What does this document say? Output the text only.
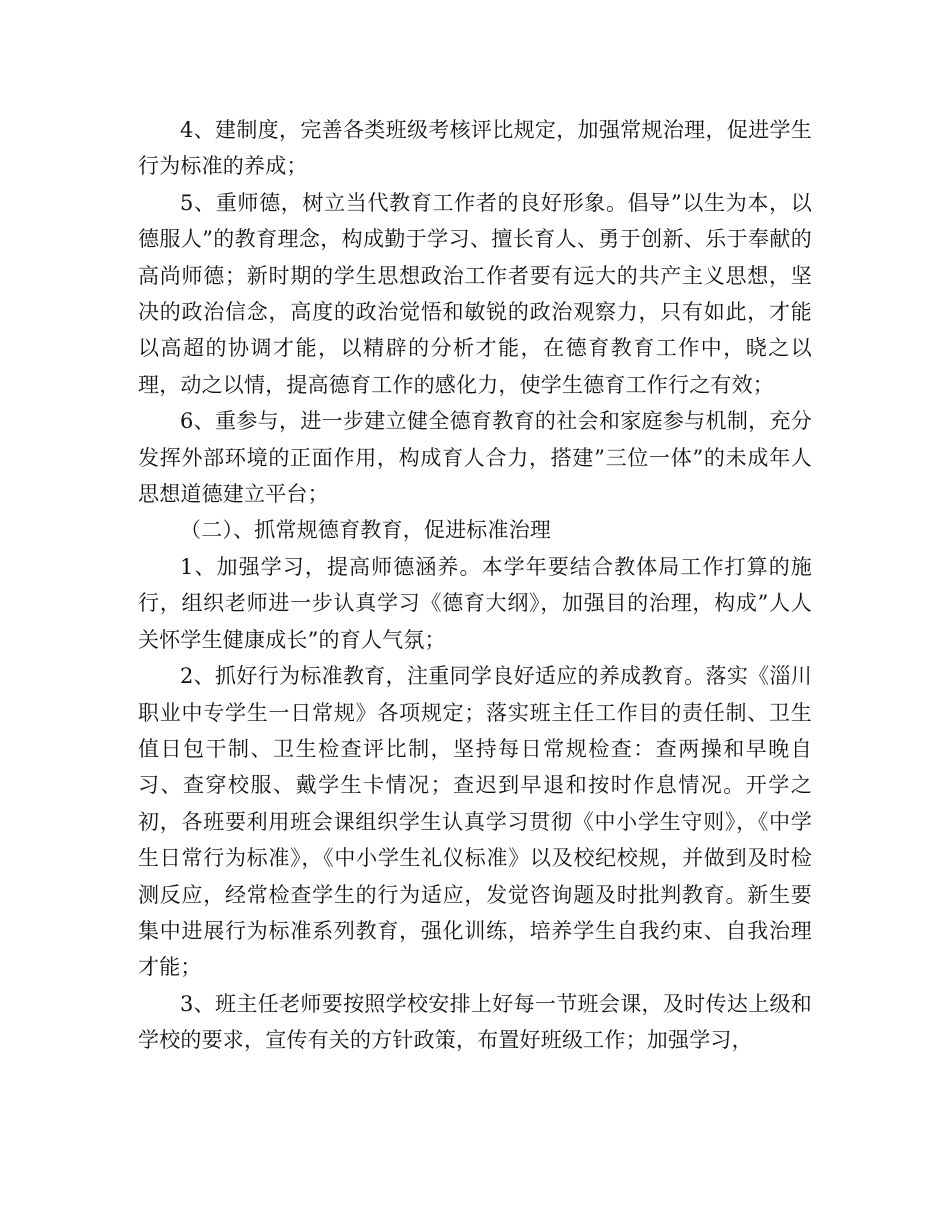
4、建制度，完善各类班级考核评比规定，加强常规治理，促进学生行为标准的养成；

5、重师德，树立当代教育工作者的良好形象。倡导”以生为本，以德服人”的教育理念，构成勤于学习、擅长育人、勇于创新、乐于奉献的高尚师德；新时期的学生思想政治工作者要有远大的共产主义思想，坚决的政治信念，高度的政治觉悟和敏锐的政治观察力，只有如此，才能以高超的协调才能，以精辟的分析才能，在德育教育工作中，晓之以理，动之以情，提高德育工作的感化力，使学生德育工作行之有效；

6、重参与，进一步建立健全德育教育的社会和家庭参与机制，充分发挥外部环境的正面作用，构成育人合力，搭建”三位一体”的未成年人思想道德建立平台；

（二）、抓常规德育教育，促进标准治理

1、加强学习，提高师德涵养。本学年要结合教体局工作打算的施行，组织老师进一步认真学习《德育大纲》，加强目的治理，构成”人人关怀学生健康成长”的育人气氛；

2、抓好行为标准教育，注重同学良好适应的养成教育。落实《淄川职业中专学生一日常规》各项规定；落实班主任工作目的责任制、卫生值日包干制、卫生检查评比制，坚持每日常规检查：查两操和早晚自习、查穿校服、戴学生卡情况；查迟到早退和按时作息情况。开学之初，各班要利用班会课组织学生认真学习贯彻《中小学生守则》，《中学生日常行为标准》，《中小学生礼仪标准》以及校纪校规，并做到及时检测反应，经常检查学生的行为适应，发觉咨询题及时批判教育。新生要集中进展行为标准系列教育，强化训练，培养学生自我约束、自我治理才能；

3、班主任老师要按照学校安排上好每一节班会课，及时传达上级和学校的要求，宣传有关的方针政策，布置好班级工作；加强学习，
